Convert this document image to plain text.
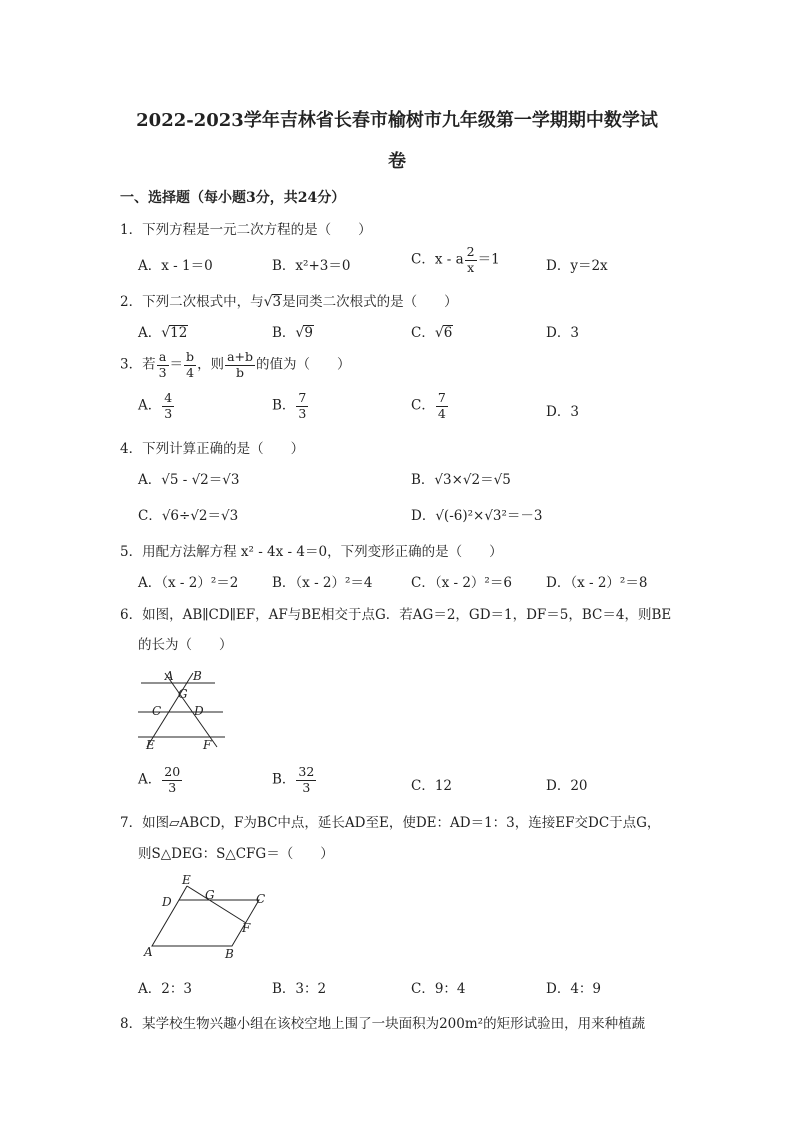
2022-2023学年吉林省长春市榆树市九年级第一学期期中数学试
卷
一、选择题（每小题3分，共24分）
1．下列方程是一元二次方程的是（　　）
A．x - 1＝0	B．x²+3＝0	C．x - a $\frac{2}{x} =1$	D．y＝2x
2．下列二次根式中，与√3是同类二次根式的是（　　）
A．√12	B．√9	C．√6	D．3
3．若 $\frac{a}{3} = \frac{b}{4}$ ，则 $\frac{a+b}{b}$ 的值为（　　）
A． $\frac{4}{3}$	B． $\frac{7}{3}$	C． $\frac{7}{4}$	D．3
4．下列计算正确的是（　　）
A．√5 - √2＝√3	B．√3×√2＝√5
C．√6÷√2＝√3	D．√(-6)²×√3²＝－3
5．用配方法解方程 x² - 4x - 4＝0，下列变形正确的是（　　）
A．（x - 2）²＝2 B．（x - 2）²＝4	C．（x - 2）²＝6	D．（x - 2）²＝8
6．如图，AB∥CD∥EF，AF与BE相交于点G．若AG＝2，GD＝1，DF＝5，BC＝4，则BE
的长为（　　）
A B
G
C	D
E	F
A． $\frac{20}{3}$	B． $\frac{32}{3}$	C．12	D．20
7．如图▱ABCD，F为BC中点，延长AD至E，使DE：AD＝1：3，连接EF交DC于点G，
则S△DEG：S△CFG＝（　　）
E
G	C
D
F
A	B
A．2：3	B．3：2	C．9：4	D．4：9
8．某学校生物兴趣小组在该校空地上围了一块面积为200m²的矩形试验田，用来种植蔬
